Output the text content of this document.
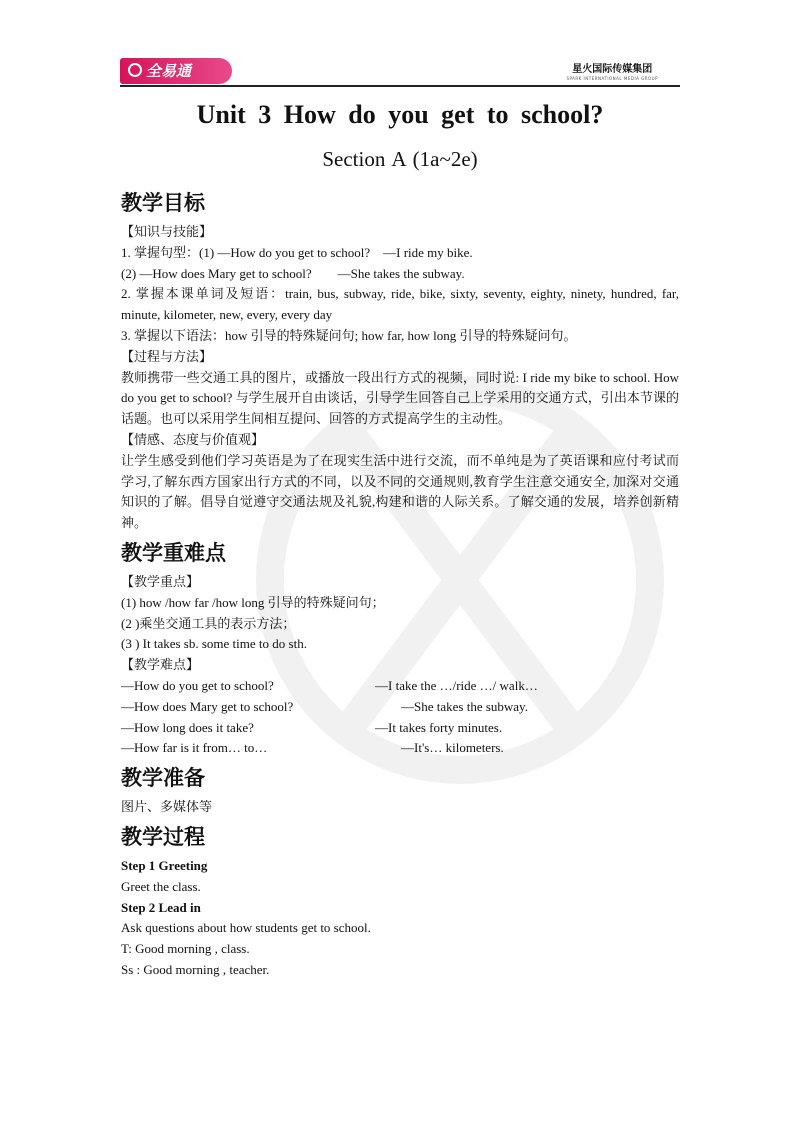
全易通	星火国际传媒集团
SPARK INTERNATIONAL MEDIA GROUP
Unit 3 How do you get to school?
Section A (1a~2e)
教学目标
【知识与技能】
1. 掌握句型：(1) —How do you get to school?　—I ride my bike.
(2) —How does Mary get to school?　　—She takes the subway.
2. 掌握本课单词及短语：train, bus, subway, ride, bike, sixty, seventy, eighty, ninety, hundred, far, minute, kilometer, new, every, every day
3. 掌握以下语法：how 引导的特殊疑问句; how far, how long 引导的特殊疑问句。
【过程与方法】
教师携带一些交通工具的图片，或播放一段出行方式的视频，同时说: I ride my bike to school. How do you get to school? 与学生展开自由谈话，引导学生回答自己上学采用的交通方式，引出本节课的话题。也可以采用学生间相互提问、回答的方式提高学生的主动性。
【情感、态度与价值观】
让学生感受到他们学习英语是为了在现实生活中进行交流，而不单纯是为了英语课和应付考试而学习,了解东西方国家出行方式的不同，以及不同的交通规则,教育学生注意交通安全, 加深对交通知识的了解。倡导自觉遵守交通法规及礼貌,构建和谐的人际关系。了解交通的发展，培养创新精神。
教学重难点
【教学重点】
(1) how /how far /how long 引导的特殊疑问句；
(2 )乘坐交通工具的表示方法；
(3 ) It takes sb. some time to do sth.
【教学难点】
—How do you get to school?	—I take the …/ride …/ walk…
—How does Mary get to school?	　　—She takes the subway.
—How long does it take?	—It takes forty minutes.
—How far is it from… to…	　　—It's… kilometers.
教学准备
图片、多媒体等
教学过程
Step 1 Greeting
Greet the class.
Step 2 Lead in
Ask questions about how students get to school.
T: Good morning , class.
Ss : Good morning , teacher.
